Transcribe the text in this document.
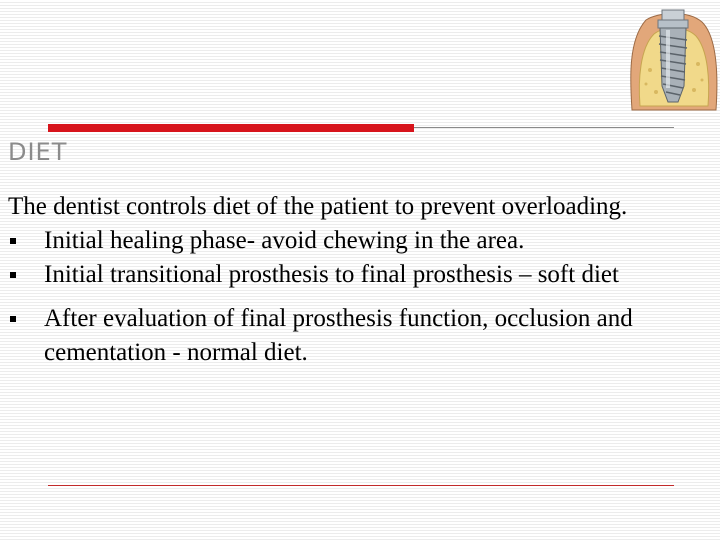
DIET

The dentist controls diet of the patient to prevent overloading.

Initial healing phase- avoid chewing in the area.
Initial transitional prosthesis to final prosthesis – soft diet
After evaluation of final prosthesis function, occlusion and cementation - normal diet.
